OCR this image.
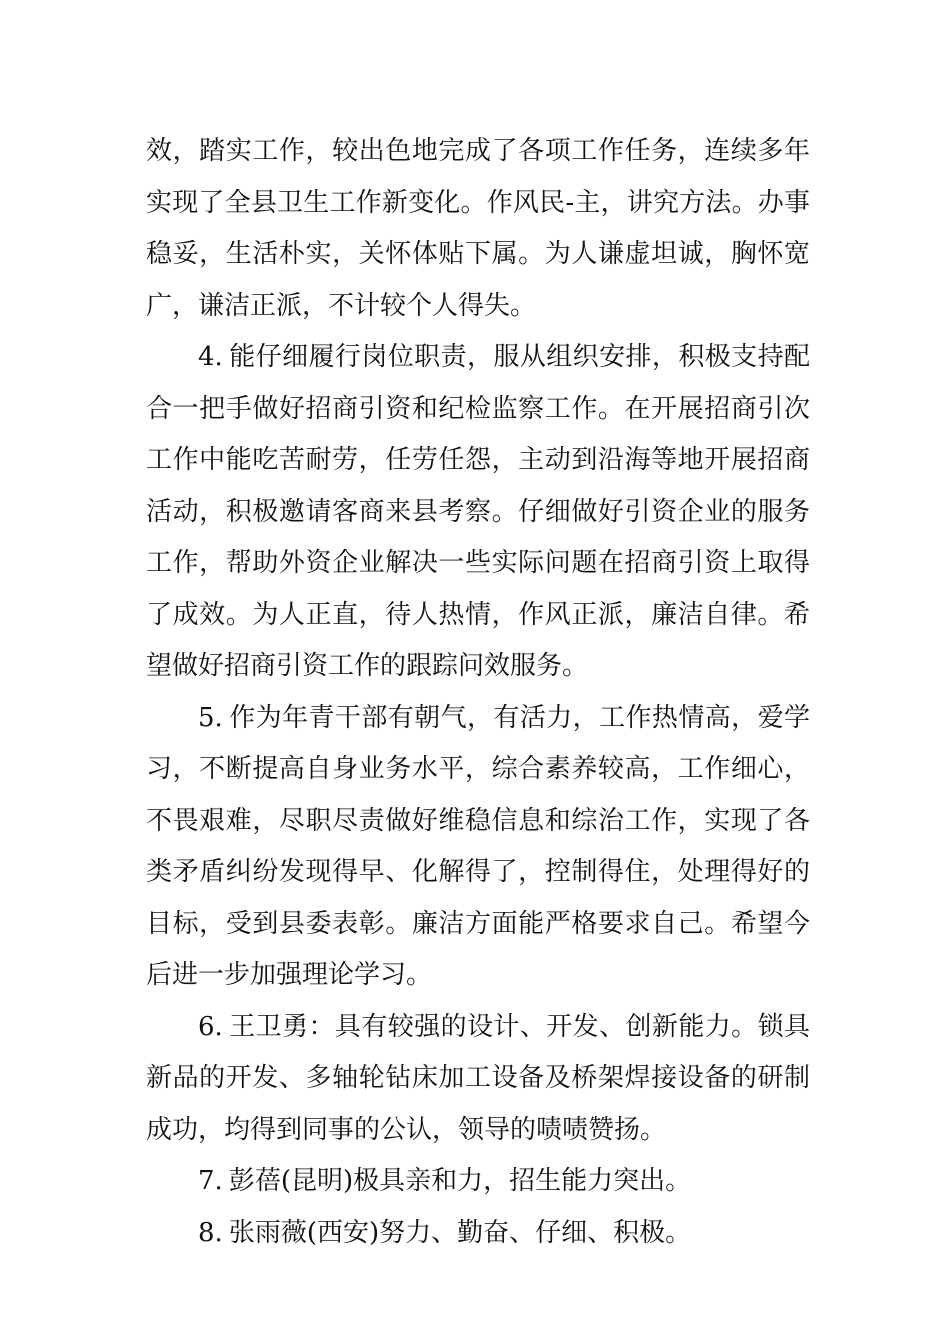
效，踏实工作，较出色地完成了各项工作任务，连续多年实现了全县卫生工作新变化。作风民-主，讲究方法。办事稳妥，生活朴实，关怀体贴下属。为人谦虚坦诚，胸怀宽广，谦洁正派，不计较个人得失。

4. 能仔细履行岗位职责，服从组织安排，积极支持配合一把手做好招商引资和纪检监察工作。在开展招商引次工作中能吃苦耐劳，任劳任怨，主动到沿海等地开展招商活动，积极邀请客商来县考察。仔细做好引资企业的服务工作，帮助外资企业解决一些实际问题在招商引资上取得了成效。为人正直，待人热情，作风正派，廉洁自律。希望做好招商引资工作的跟踪问效服务。

5. 作为年青干部有朝气，有活力，工作热情高，爱学习，不断提高自身业务水平，综合素养较高，工作细心，不畏艰难，尽职尽责做好维稳信息和综治工作，实现了各类矛盾纠纷发现得早、化解得了，控制得住，处理得好的目标，受到县委表彰。廉洁方面能严格要求自己。希望今后进一步加强理论学习。

6. 王卫勇：具有较强的设计、开发、创新能力。锁具新品的开发、多轴轮钻床加工设备及桥架焊接设备的研制成功，均得到同事的公认，领导的啧啧赞扬。

7. 彭蓓(昆明)极具亲和力，招生能力突出。

8. 张雨薇(西安)努力、勤奋、仔细、积极。
